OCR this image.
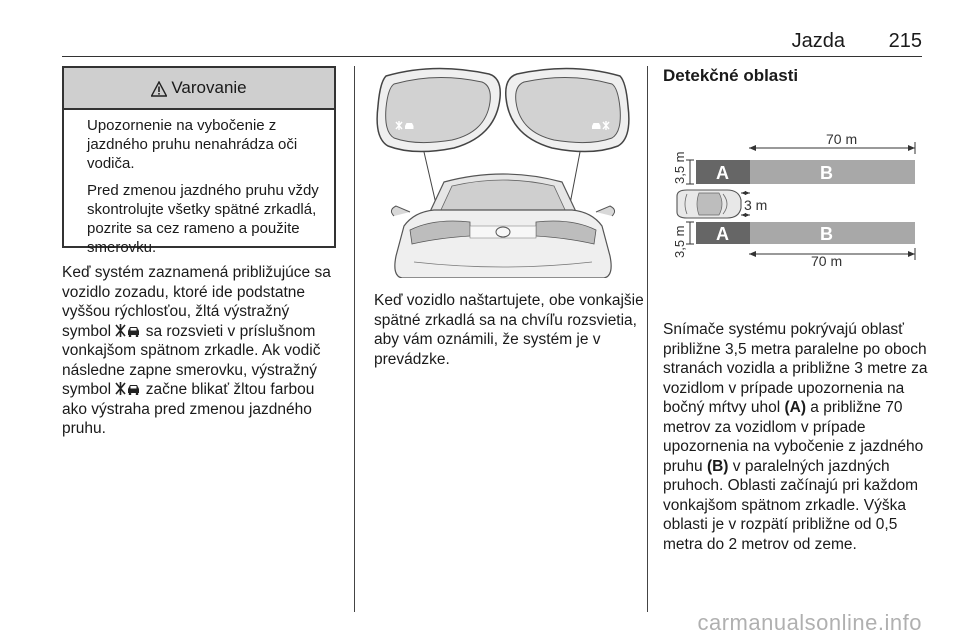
Jazda 215
Varovanie

Upozornenie na vybočenie z jazdného pruhu nenahrádza oči vodiča.

Pred zmenou jazdného pruhu vždy skontrolujte všetky spätné zrkadlá, pozrite sa cez rameno a použite smerovku.

Keď systém zaznamená približujúce sa vozidlo zozadu, ktoré ide podstatne vyššou rýchlosťou, žltá výstražný symbol  sa rozsvieti v príslušnom vonkajšom spätnom zrkadle. Ak vodič následne zapne smerovku, výstražný symbol  začne blikať žltou farbou ako výstraha pred zmenou jazdného pruhu.
Keď vozidlo naštartujete, obe vonkajšie spätné zrkadlá sa na chvíľu rozsvietia, aby vám oznámili, že systém je v prevádzke.
Detekčné oblasti
70 m
A	B
3,5 m
3 m
A	B
3,5 m
70 m
Snímače systému pokrývajú oblasť približne 3,5 metra paralelne po oboch stranách vozidla a približne 3 metre za vozidlom v prípade upozornenia na bočný mŕtvy uhol (A) a približne 70 metrov za vozidlom v prípade upozornenia na vybočenie z jazdného pruhu (B) v paralelných jazdných pruhoch. Oblasti začínajú pri každom vonkajšom spätnom zrkadle. Výška oblasti je v rozpätí približne od 0,5 metra do 2 metrov od zeme.
carmanualsonline.info
